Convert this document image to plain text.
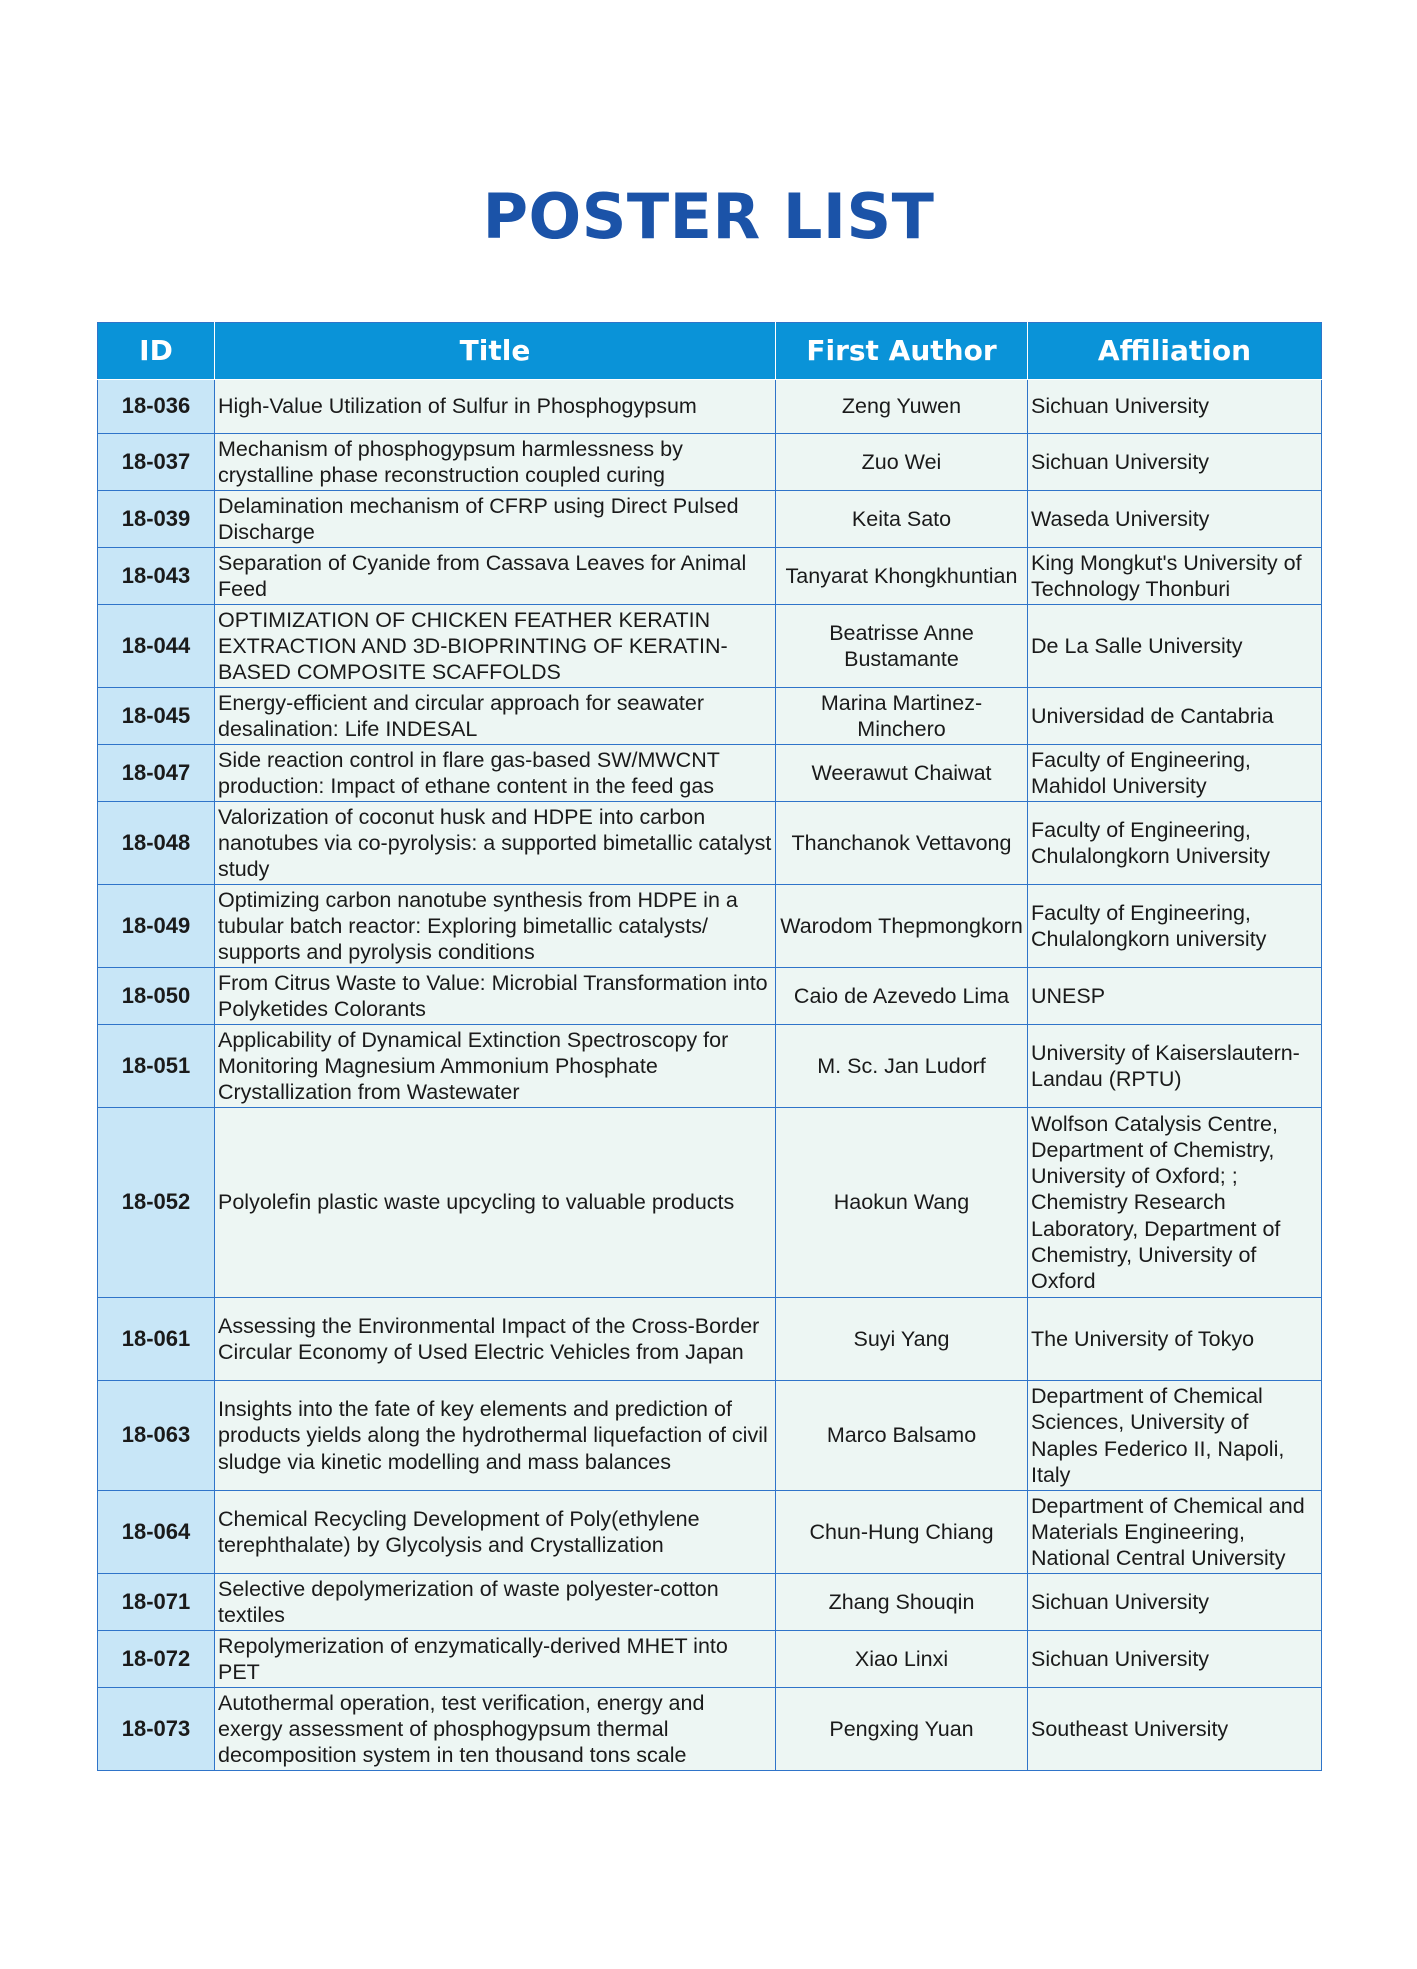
POSTER LIST
ID	Title	First Author	Affiliation
18-036	High-Value Utilization of Sulfur in Phosphogypsum	Zeng Yuwen	Sichuan University
18-037	Mechanism of phosphogypsum harmlessness by crystalline phase reconstruction coupled curing	Zuo Wei	Sichuan University
18-039	Delamination mechanism of CFRP using Direct Pulsed Discharge	Keita Sato	Waseda University
18-043	Separation of Cyanide from Cassava Leaves for Animal Feed	Tanyarat Khongkhuntian	King Mongkut's University of Technology Thonburi
18-044	OPTIMIZATION OF CHICKEN FEATHER KERATIN EXTRACTION AND 3D-BIOPRINTING OF KERATIN-BASED COMPOSITE SCAFFOLDS	Beatrisse Anne Bustamante	De La Salle University
18-045	Energy-efficient and circular approach for seawater desalination: Life INDESAL	Marina Martinez-Minchero	Universidad de Cantabria
18-047	Side reaction control in flare gas-based SW/MWCNT production: Impact of ethane content in the feed gas	Weerawut Chaiwat	Faculty of Engineering, Mahidol University
18-048	Valorization of coconut husk and HDPE into carbon nanotubes via co-pyrolysis: a supported bimetallic catalyst study	Thanchanok Vettavong	Faculty of Engineering, Chulalongkorn University
18-049	Optimizing carbon nanotube synthesis from HDPE in a tubular batch reactor: Exploring bimetallic catalysts/ supports and pyrolysis conditions	Warodom Thepmongkorn	Faculty of Engineering, Chulalongkorn university
18-050	From Citrus Waste to Value: Microbial Transformation into Polyketides Colorants	Caio de Azevedo Lima	UNESP
18-051	Applicability of Dynamical Extinction Spectroscopy for Monitoring Magnesium Ammonium Phosphate Crystallization from Wastewater	M. Sc. Jan Ludorf	University of Kaiserslautern-Landau (RPTU)
18-052	Polyolefin plastic waste upcycling to valuable products	Haokun Wang	Wolfson Catalysis Centre, Department of Chemistry, University of Oxford; ; Chemistry Research Laboratory, Department of Chemistry, University of Oxford
18-061	Assessing the Environmental Impact of the Cross-Border Circular Economy of Used Electric Vehicles from Japan	Suyi Yang	The University of Tokyo
18-063	Insights into the fate of key elements and prediction of products yields along the hydrothermal liquefaction of civil sludge via kinetic modelling and mass balances	Marco Balsamo	Department of Chemical Sciences, University of Naples Federico II, Napoli, Italy
18-064	Chemical Recycling Development of Poly(ethylene terephthalate) by Glycolysis and Crystallization	Chun-Hung Chiang	Department of Chemical and Materials Engineering, National Central University
18-071	Selective depolymerization of waste polyester-cotton textiles	Zhang Shouqin	Sichuan University
18-072	Repolymerization of enzymatically-derived MHET into PET	Xiao Linxi	Sichuan University
18-073	Autothermal operation, test verification, energy and exergy assessment of phosphogypsum thermal decomposition system in ten thousand tons scale	Pengxing Yuan	Southeast University
